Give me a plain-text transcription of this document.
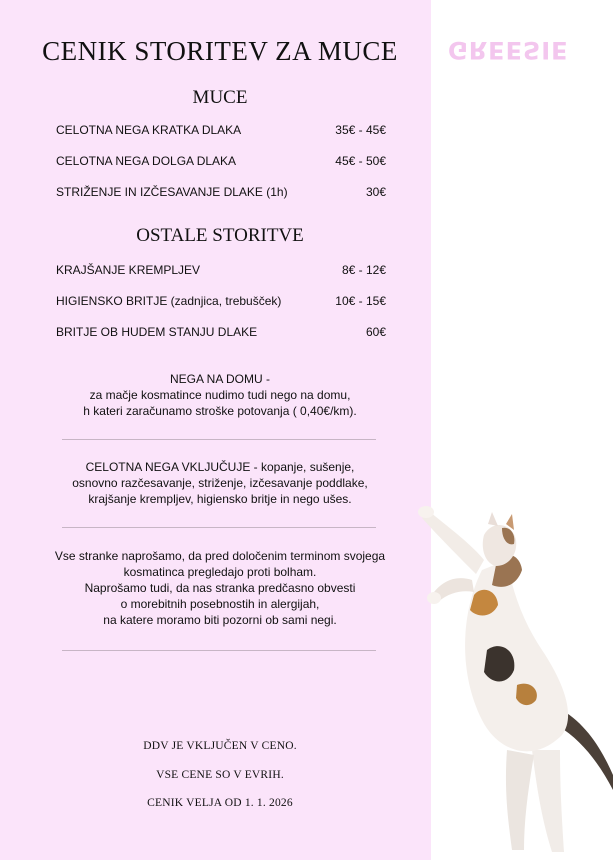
CENIK STORITEV ZA MUCE	GREESIE
MUCE
CELOTNA NEGA KRATKA DLAKA	35€ - 45€
CELOTNA NEGA DOLGA DLAKA	45€ - 50€
STRIŽENJE IN IZČESAVANJE DLAKE (1h)	30€
OSTALE STORITVE
KRAJŠANJE KREMPLJEV	8€ - 12€
HIGIENSKO BRITJE (zadnjica, trebušček)	10€ - 15€
BRITJE OB HUDEM STANJU DLAKE	60€
NEGA NA DOMU -
za mačje kosmatince nudimo tudi nego na domu,
h kateri zaračunamo stroške potovanja ( 0,40€/km).
CELOTNA NEGA VKLJUČUJE - kopanje, sušenje,
osnovno razčesavanje, striženje, izčesavanje poddlake,
krajšanje kremplje​v, higiensko britje in nego ušes.
Vse stranke naprošamo, da pred določenim terminom svojega
kosmatinca pregledajo proti bolham.
Naprošamo tudi, da nas stranka predčasno obvesti
o morebitnih posebnostih in alergijah,
na katere moramo biti pozorni ob sami negi.
DDV JE VKLJUČEN V CENO.
VSE CENE SO V EVRIH.
CENIK VELJA OD 1. 1. 2026
